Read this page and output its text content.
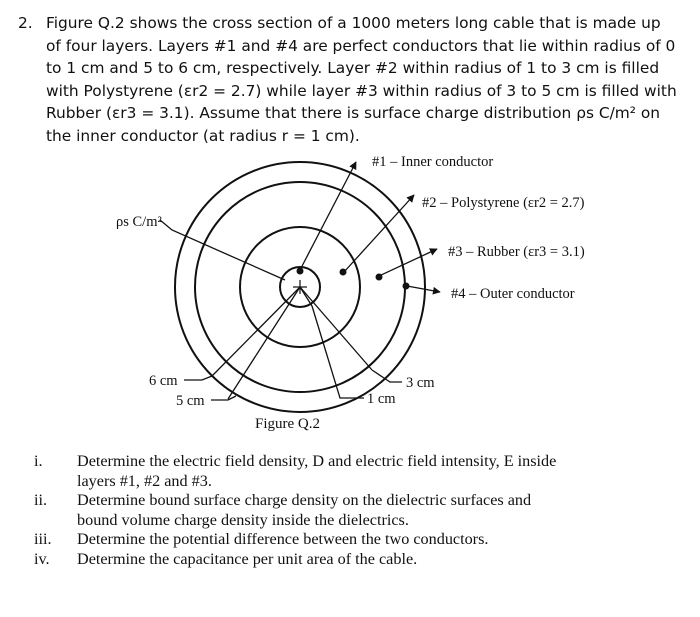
2. Figure Q.2 shows the cross section of a 1000 meters long cable that is made up
of four layers. Layers #1 and #4 are perfect conductors that lie within radius of 0
to 1 cm and 5 to 6 cm, respectively. Layer #2 within radius of 1 to 3 cm is filled
with Polystyrene (εr2 = 2.7) while layer #3 within radius of 3 to 5 cm is filled with
Rubber (εr3 = 3.1). Assume that there is surface charge distribution ρs C/m² on
the inner conductor (at radius r = 1 cm).
#1 – Inner conductor
#2 – Polystyrene (εr2 = 2.7)
#3 – Rubber (εr3 = 3.1)
#4 – Outer conductor
ρs C/m²
6 cm
5 cm
3 cm
1 cm
Figure Q.2
i. Determine the electric field density, D and electric field intensity, E inside
layers #1, #2 and #3.
ii. Determine bound surface charge density on the dielectric surfaces and
bound volume charge density inside the dielectrics.
iii. Determine the potential difference between the two conductors.
iv. Determine the capacitance per unit area of the cable.
